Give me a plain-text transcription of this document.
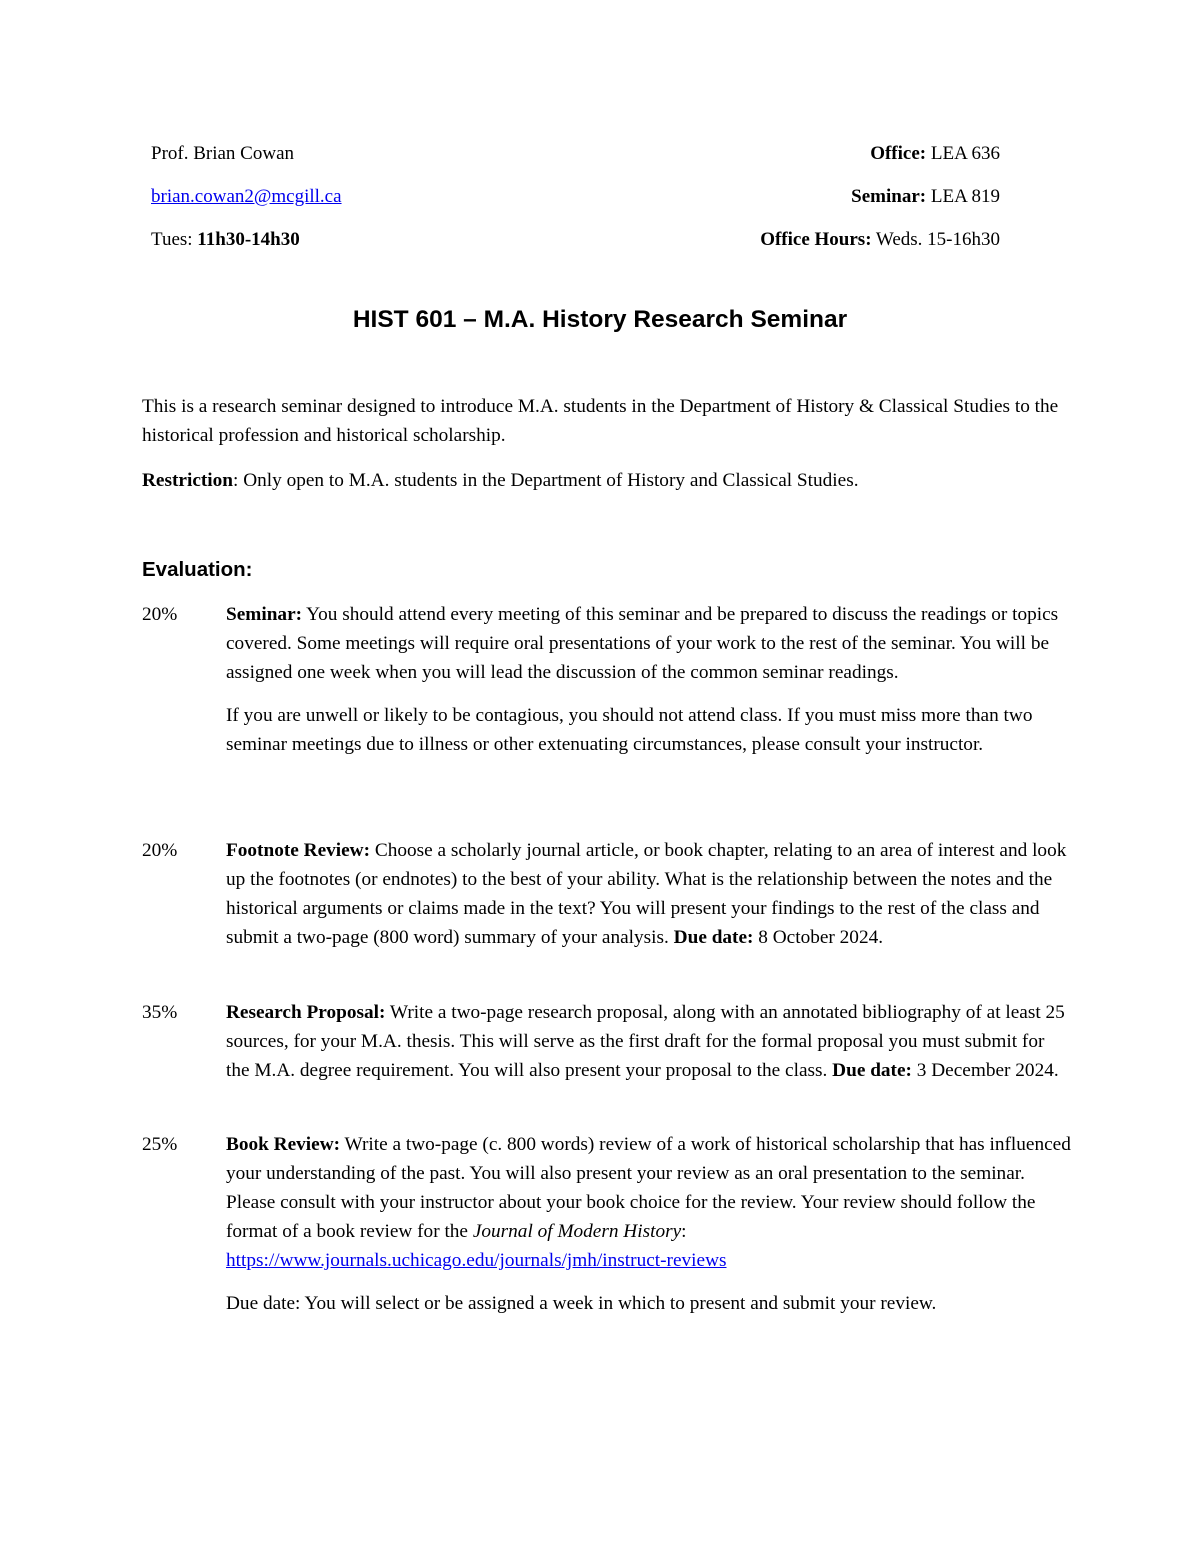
Prof. Brian Cowan	Office: LEA 636
brian.cowan2@mcgill.ca	Seminar: LEA 819
Tues: 11h30-14h30	Office Hours: Weds. 15-16h30
HIST 601 – M.A. History Research Seminar

This is a research seminar designed to introduce M.A. students in the Department of History & Classical Studies to the historical profession and historical scholarship.

Restriction: Only open to M.A. students in the Department of History and Classical Studies.

Evaluation:
20%	Seminar: You should attend every meeting of this seminar and be prepared to discuss the readings or topics covered. Some meetings will require oral presentations of your work to the rest of the seminar. You will be assigned one week when you will lead the discussion of the common seminar readings.

If you are unwell or likely to be contagious, you should not attend class. If you must miss more than two seminar meetings due to illness or other extenuating circumstances, please consult your instructor.

20%	Footnote Review: Choose a scholarly journal article, or book chapter, relating to an area of interest and look up the footnotes (or endnotes) to the best of your ability. What is the relationship between the notes and the historical arguments or claims made in the text? You will present your findings to the rest of the class and submit a two-page (800 word) summary of your analysis. Due date: 8 October 2024.

35%	Research Proposal: Write a two-page research proposal, along with an annotated bibliography of at least 25 sources, for your M.A. thesis. This will serve as the first draft for the formal proposal you must submit for the M.A. degree requirement. You will also present your proposal to the class. Due date: 3 December 2024.

25%	Book Review: Write a two-page (c. 800 words) review of a work of historical scholarship that has influenced your understanding of the past. You will also present your review as an oral presentation to the seminar. Please consult with your instructor about your book choice for the review. Your review should follow the format of a book review for the Journal of Modern History:
https://www.journals.uchicago.edu/journals/jmh/instruct-reviews

Due date: You will select or be assigned a week in which to present and submit your review.
